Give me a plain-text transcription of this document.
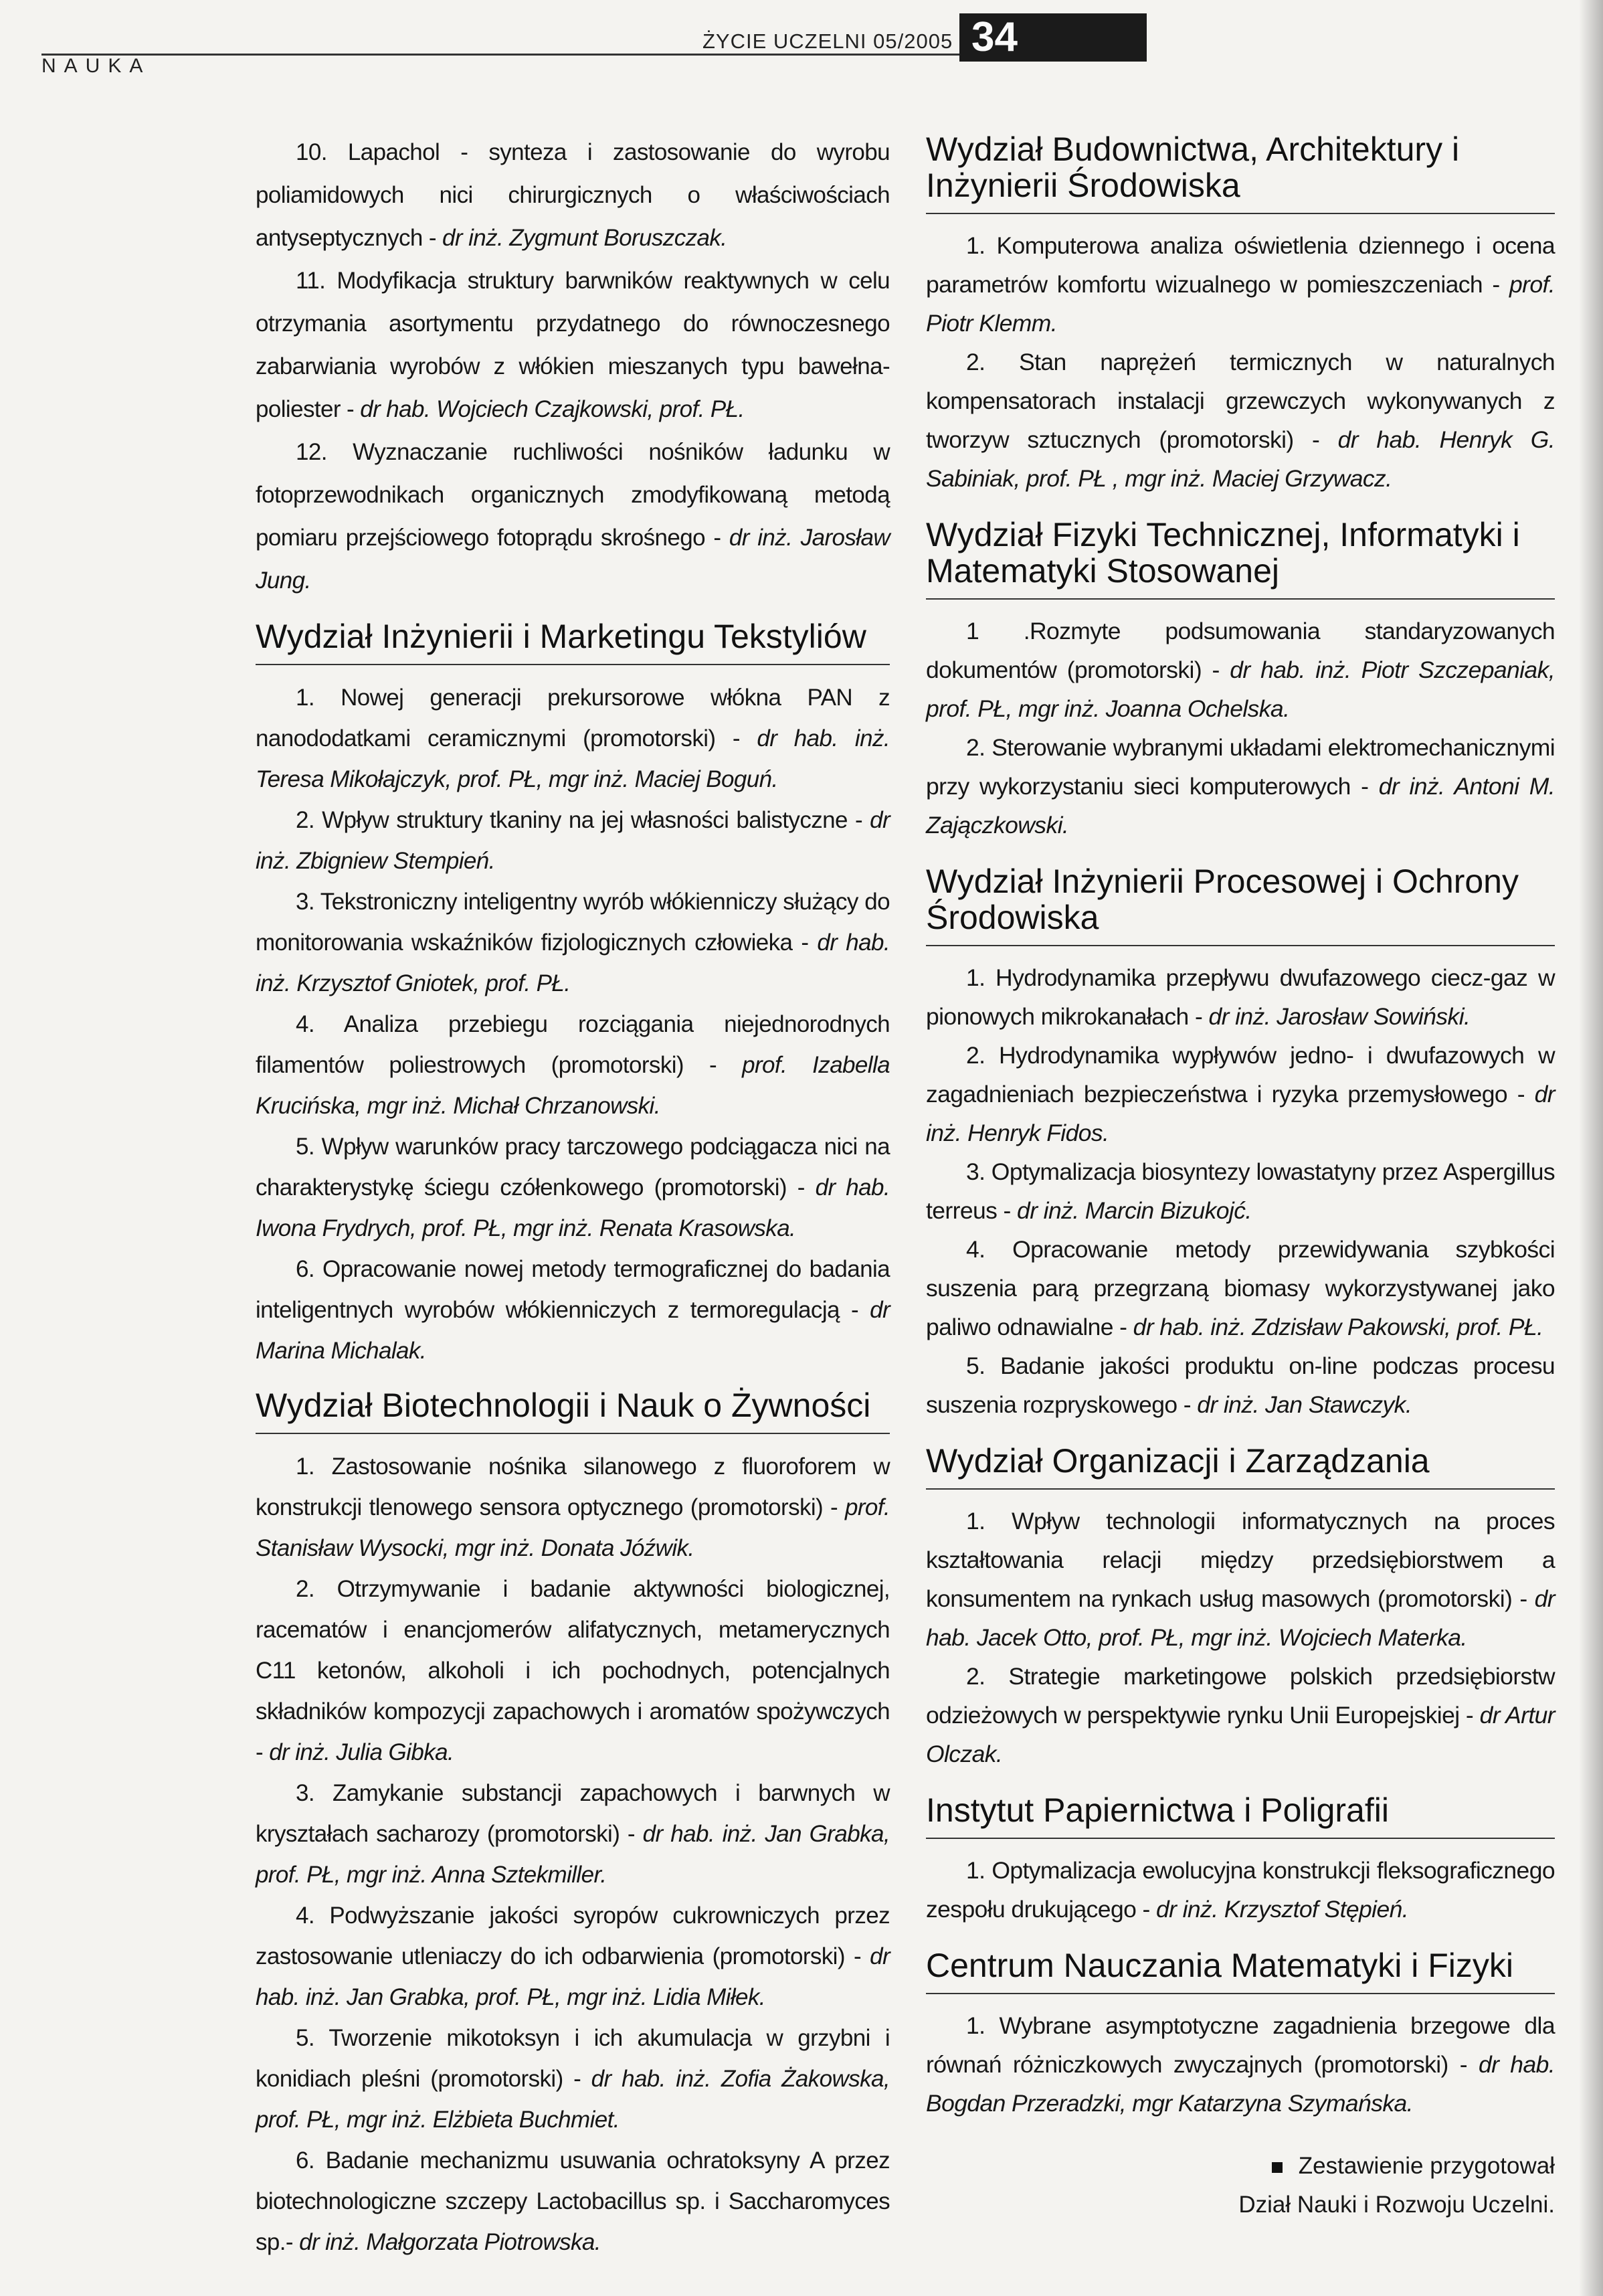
NAUKA
ŻYCIE UCZELNI 05/2005 34

10. Lapachol - synteza i zastosowanie do wyrobu poliamidowych nici chirurgicznych o właściwościach antyseptycznych - dr inż. Zygmunt Boruszczak.

11. Modyfikacja struktury barwników reaktywnych w celu otrzymania asortymentu przydatnego do równoczesnego zabarwiania wyrobów z włókien mieszanych typu bawełna-poliester - dr hab. Wojciech Czajkowski, prof. PŁ.

12. Wyznaczanie ruchliwości nośników ładunku w fotoprzewodnikach organicznych zmodyfikowaną metodą pomiaru przejściowego fotoprądu skrośnego - dr inż. Jarosław Jung.

Wydział Inżynierii i Marketingu Tekstyliów

1. Nowej generacji prekursorowe włókna PAN z nanododatkami ceramicznymi (promotorski) - dr hab. inż. Teresa Mikołajczyk, prof. PŁ, mgr inż. Maciej Boguń.

2. Wpływ struktury tkaniny na jej własności balistyczne - dr inż. Zbigniew Stempień.

3. Tekstroniczny inteligentny wyrób włókienniczy służący do monitorowania wskaźników fizjologicznych człowieka - dr hab. inż. Krzysztof Gniotek, prof. PŁ.

4. Analiza przebiegu rozciągania niejednorodnych filamentów poliestrowych (promotorski) - prof. Izabella Krucińska, mgr inż. Michał Chrzanowski.

5. Wpływ warunków pracy tarczowego podciągacza nici na charakterystykę ściegu czółenkowego (promotorski) - dr hab. Iwona Frydrych, prof. PŁ, mgr inż. Renata Krasowska.

6. Opracowanie nowej metody termograficznej do badania inteligentnych wyrobów włókienniczych z termoregulacją - dr Marina Michalak.

Wydział Biotechnologii i Nauk o Żywności

1. Zastosowanie nośnika silanowego z fluoroforem w konstrukcji tlenowego sensora optycznego (promotorski) - prof. Stanisław Wysocki, mgr inż. Donata Jóźwik.

2. Otrzymywanie i badanie aktywności biologicznej, racematów i enancjomerów alifatycznych, metamerycznych C11 ketonów, alkoholi i ich pochodnych, potencjalnych składników kompozycji zapachowych i aromatów spożywczych - dr inż. Julia Gibka.

3. Zamykanie substancji zapachowych i barwnych w kryształach sacharozy (promotorski) - dr hab. inż. Jan Grabka, prof. PŁ, mgr inż. Anna Sztekmiller.

4. Podwyższanie jakości syropów cukrowniczych przez zastosowanie utleniaczy do ich odbarwienia (promotorski) - dr hab. inż. Jan Grabka, prof. PŁ, mgr inż. Lidia Miłek.

5. Tworzenie mikotoksyn i ich akumulacja w grzybni i konidiach pleśni (promotorski) - dr hab. inż. Zofia Żakowska, prof. PŁ, mgr inż. Elżbieta Buchmiet.

6. Badanie mechanizmu usuwania ochratoksyny A przez biotechnologiczne szczepy Lactobacillus sp. i Saccharomyces sp.- dr inż. Małgorzata Piotrowska.

Wydział Budownictwa, Architektury i Inżynierii Środowiska

1. Komputerowa analiza oświetlenia dziennego i ocena parametrów komfortu wizualnego w pomieszczeniach - prof. Piotr Klemm.

2. Stan naprężeń termicznych w naturalnych kompensatorach instalacji grzewczych wykonywanych z tworzyw sztucznych (promotorski) - dr hab. Henryk G. Sabiniak, prof. PŁ , mgr inż. Maciej Grzywacz.

Wydział Fizyki Technicznej, Informatyki i Matematyki Stosowanej

1 .Rozmyte podsumowania standaryzowanych dokumentów (promotorski) - dr hab. inż. Piotr Szczepaniak, prof. PŁ, mgr inż. Joanna Ochelska.

2. Sterowanie wybranymi układami elektromechanicznymi przy wykorzystaniu sieci komputerowych - dr inż. Antoni M. Zajączkowski.

Wydział Inżynierii Procesowej i Ochrony Środowiska

1. Hydrodynamika przepływu dwufazowego ciecz-gaz w pionowych mikrokanałach - dr inż. Jarosław Sowiński.

2. Hydrodynamika wypływów jedno- i dwufazowych w zagadnieniach bezpieczeństwa i ryzyka przemysłowego - dr inż. Henryk Fidos.

3. Optymalizacja biosyntezy lowastatyny przez Aspergillus terreus - dr inż. Marcin Bizukojć.

4. Opracowanie metody przewidywania szybkości suszenia parą przegrzaną biomasy wykorzystywanej jako paliwo odnawialne - dr hab. inż. Zdzisław Pakowski, prof. PŁ.

5. Badanie jakości produktu on-line podczas procesu suszenia rozpryskowego - dr inż. Jan Stawczyk.

Wydział Organizacji i Zarządzania

1. Wpływ technologii informatycznych na proces kształtowania relacji między przedsiębiorstwem a konsumentem na rynkach usług masowych (promotorski) - dr hab. Jacek Otto, prof. PŁ, mgr inż. Wojciech Materka.

2. Strategie marketingowe polskich przedsiębiorstw odzieżowych w perspektywie rynku Unii Europejskiej - dr Artur Olczak.

Instytut Papiernictwa i Poligrafii

1. Optymalizacja ewolucyjna konstrukcji fleksograficznego zespołu drukującego - dr inż. Krzysztof Stępień.

Centrum Nauczania Matematyki i Fizyki

1. Wybrane asymptotyczne zagadnienia brzegowe dla równań różniczkowych zwyczajnych (promotorski) - dr hab. Bogdan Przeradzki, mgr Katarzyna Szymańska.

Zestawienie przygotował
Dział Nauki i Rozwoju Uczelni.
